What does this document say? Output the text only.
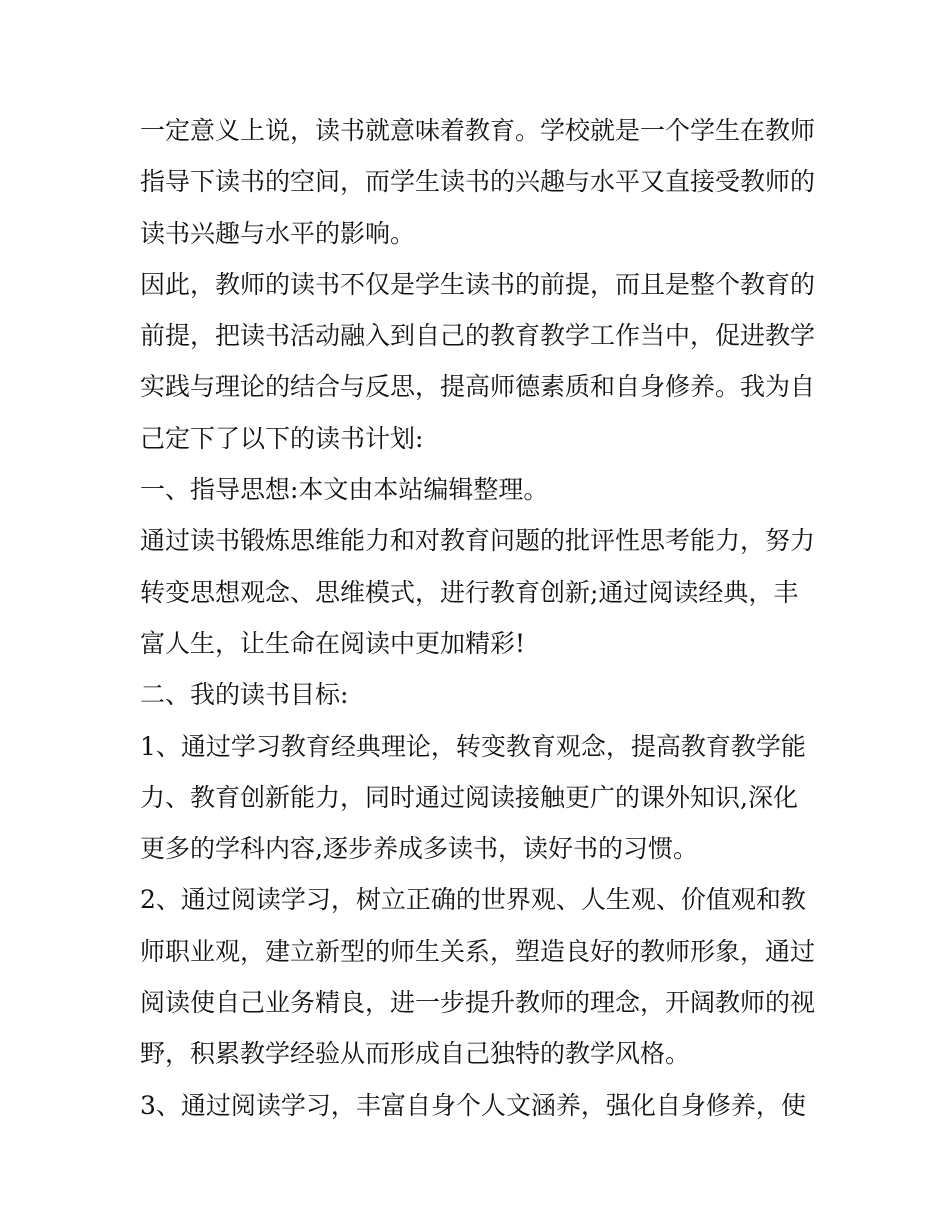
一定意义上说，读书就意味着教育。学校就是一个学生在教师
指导下读书的空间，而学生读书的兴趣与水平又直接受教师的
读书兴趣与水平的影响。
因此，教师的读书不仅是学生读书的前提，而且是整个教育的
前提，把读书活动融入到自己的教育教学工作当中，促进教学
实践与理论的结合与反思，提高师德素质和自身修养。我为自
己定下了以下的读书计划:
一、指导思想:本文由本站编辑整理。
通过读书锻炼思维能力和对教育问题的批评性思考能力，努力
转变思想观念、思维模式，进行教育创新;通过阅读经典，丰
富人生，让生命在阅读中更加精彩!
二、我的读书目标:
1、通过学习教育经典理论，转变教育观念，提高教育教学能
力、教育创新能力，同时通过阅读接触更广的课外知识,深化
更多的学科内容,逐步养成多读书，读好书的习惯。
2、通过阅读学习，树立正确的世界观、人生观、价值观和教
师职业观，建立新型的师生关系，塑造良好的教师形象，通过
阅读使自己业务精良，进一步提升教师的理念，开阔教师的视
野，积累教学经验从而形成自己独特的教学风格。
3、通过阅读学习，丰富自身个人文涵养，强化自身修养，使
